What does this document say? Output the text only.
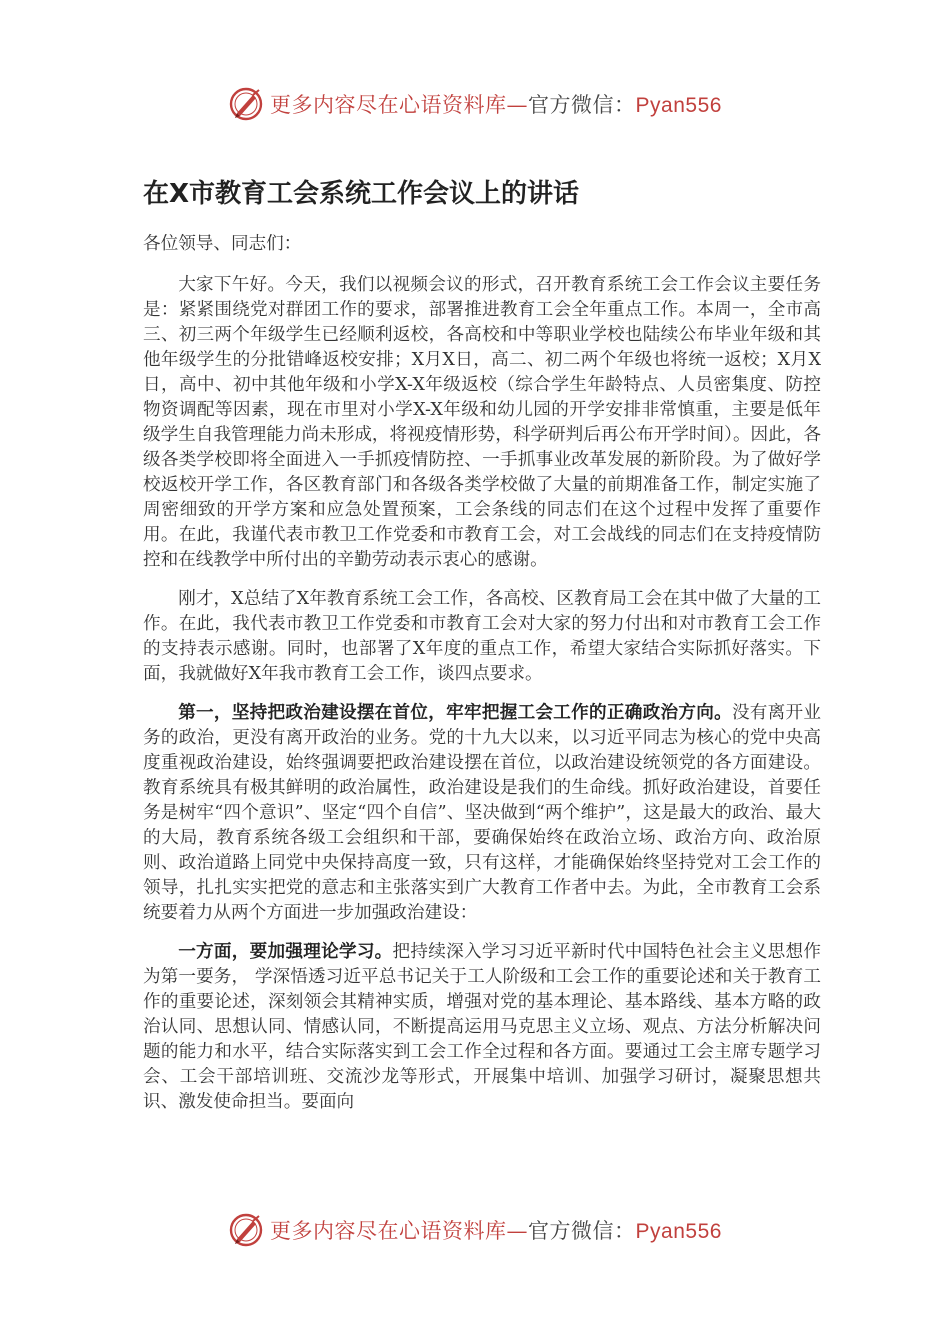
更多内容尽在心语资料库—官方微信：Pyan556
在X市教育工会系统工作会议上的讲话

各位领导、同志们：

大家下午好。今天，我们以视频会议的形式，召开教育系统工会工作会议主要任务是：紧紧围绕党对群团工作的要求，部署推进教育工会全年重点工作。本周一，全市高三、初三两个年级学生已经顺利返校，各高校和中等职业学校也陆续公布毕业年级和其他年级学生的分批错峰返校安排；X月X日，高二、初二两个年级也将统一返校；X月X日，高中、初中其他年级和小学X-X年级返校（综合学生年龄特点、人员密集度、防控物资调配等因素，现在市里对小学X-X年级和幼儿园的开学安排非常慎重，主要是低年级学生自我管理能力尚未形成，将视疫情形势，科学研判后再公布开学时间）。因此，各级各类学校即将全面进入一手抓疫情防控、一手抓事业改革发展的新阶段。为了做好学校返校开学工作，各区教育部门和各级各类学校做了大量的前期准备工作，制定实施了周密细致的开学方案和应急处置预案，工会条线的同志们在这个过程中发挥了重要作用。在此，我谨代表市教卫工作党委和市教育工会，对工会战线的同志们在支持疫情防控和在线教学中所付出的辛勤劳动表示衷心的感谢。

刚才，X总结了X年教育系统工会工作，各高校、区教育局工会在其中做了大量的工作。在此，我代表市教卫工作党委和市教育工会对大家的努力付出和对市教育工会工作的支持表示感谢。同时，也部署了X年度的重点工作，希望大家结合实际抓好落实。下面，我就做好X年我市教育工会工作，谈四点要求。

第一，坚持把政治建设摆在首位，牢牢把握工会工作的正确政治方向。没有离开业务的政治，更没有离开政治的业务。党的十九大以来，以习近平同志为核心的党中央高度重视政治建设，始终强调要把政治建设摆在首位，以政治建设统领党的各方面建设。教育系统具有极其鲜明的政治属性，政治建设是我们的生命线。抓好政治建设，首要任务是树牢“四个意识”、坚定“四个自信”、坚决做到“两个维护”，这是最大的政治、最大的大局，教育系统各级工会组织和干部，要确保始终在政治立场、政治方向、政治原则、政治道路上同党中央保持高度一致，只有这样，才能确保始终坚持党对工会工作的领导，扎扎实实把党的意志和主张落实到广大教育工作者中去。为此，全市教育工会系统要着力从两个方面进一步加强政治建设：

一方面，要加强理论学习。把持续深入学习习近平新时代中国特色社会主义思想作为第一要务， 学深悟透习近平总书记关于工人阶级和工会工作的重要论述和关于教育工作的重要论述，深刻领会其精神实质，增强对党的基本理论、基本路线、基本方略的政治认同、思想认同、情感认同，不断提高运用马克思主义立场、观点、方法分析解决问题的能力和水平，结合实际落实到工会工作全过程和各方面。要通过工会主席专题学习会、工会干部培训班、交流沙龙等形式，开展集中培训、加强学习研讨，凝聚思想共识、激发使命担当。要面向

更多内容尽在心语资料库—官方微信：Pyan556
